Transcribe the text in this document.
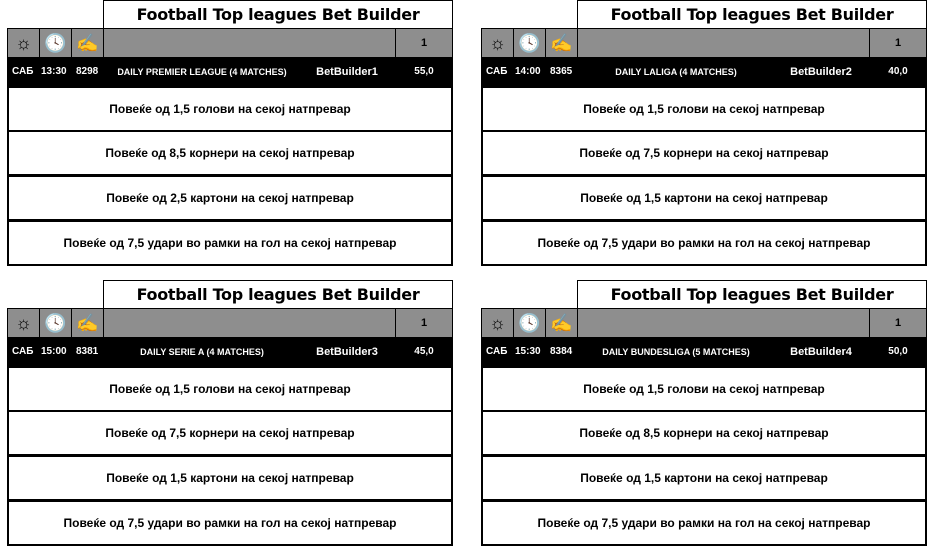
Football Top leagues Bet Builder
☼ 🕓 ✍	1
САБ 13:30 8298	DAILY PREMIER LEAGUE (4 MATCHES)	BetBuilder1	55,0
Повеќе од 1,5 голови на секој натпревар
Повеќе од 8,5 корнери на секој натпревар
Повеќе од 2,5 картони на секој натпревар
Повеќе од 7,5 удари во рамки на гол на секој натпревар
Football Top leagues Bet Builder
☼ 🕓 ✍	1
САБ 14:00 8365	DAILY LALIGA (4 MATCHES)	BetBuilder2	40,0
Повеќе од 1,5 голови на секој натпревар
Повеќе од 7,5 корнери на секој натпревар
Повеќе од 1,5 картони на секој натпревар
Повеќе од 7,5 удари во рамки на гол на секој натпревар
Football Top leagues Bet Builder
☼ 🕓 ✍	1
САБ 15:00 8381	DAILY SERIE A (4 MATCHES)	BetBuilder3	45,0
Повеќе од 1,5 голови на секој натпревар
Повеќе од 7,5 корнери на секој натпревар
Повеќе од 1,5 картони на секој натпревар
Повеќе од 7,5 удари во рамки на гол на секој натпревар
Football Top leagues Bet Builder
☼ 🕓 ✍	1
САБ 15:30 8384	DAILY BUNDESLIGA (5 MATCHES)	BetBuilder4	50,0
Повеќе од 1,5 голови на секој натпревар
Повеќе од 8,5 корнери на секој натпревар
Повеќе од 1,5 картони на секој натпревар
Повеќе од 7,5 удари во рамки на гол на секој натпревар
